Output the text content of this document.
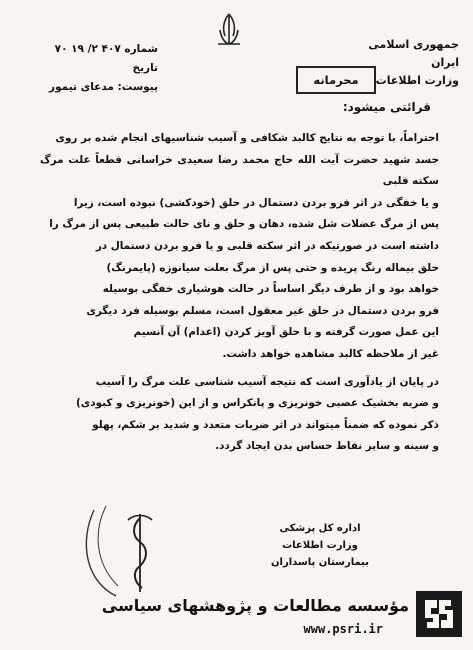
شماره ۴۰۷ ۲/ ۱۹ ۷۰
تاریخ
پیوست: مدعای تیمور
جمهوری اسلامی ایران
وزارت اطلاعات
محرمانه
قرائتی میشود:

احتراماً، با توجه به نتایج کالبد شکافی و آسیب شناسیهای انجام شده بر روی

جسد شهید حضرت آیت الله حاج محمد رضا سعیدی خراسانی قطعاً علت مرگ سکته قلبی

و یا خفگی در اثر فرو بردن دستمال در حلق (خودکشی) نبوده است، زیرا

پس از مرگ عضلات شل شده، دهان و حلق و نای حالت طبیعی پس از مرگ را

داشته است در صورتیکه در اثر سکته قلبی و یا فرو بردن دستمال در

حلق بیماله رنگ پریده و حتی پس از مرگ بعلت سیانوزه (پایمرنگ)

خواهد بود و از طرف دیگر اساساً در حالت هوشیاری خفگی بوسیله

فرو بردن دستمال در حلق غیر معقول است، مسلم بوسیله فرد دیگری

این عمل صورت گرفته و با حلق آویز کردن (اعدام) آن آنسیم

غیر از ملاحظه کالبد مشاهده خواهد داشت.

در پایان از یادآوری است که نتیجه آسیب شناسی علت مرگ را آسیب

و ضربه بخشیک عصبی خونریزی و پانکراس و از این (خونریزی و کبودی)

ذکر نموده که ضمناً میتواند در اثر ضربات متعدد و شدید بر شکم، پهلو

و سینه و سایر نقاط حساس بدن ایجاد گردد.

اداره کل پزشکی
وزارت اطلاعات
بیمارستان پاسداران
مؤسسه مطالعات و پژوهشهای سیاسی
www.psri.ir
